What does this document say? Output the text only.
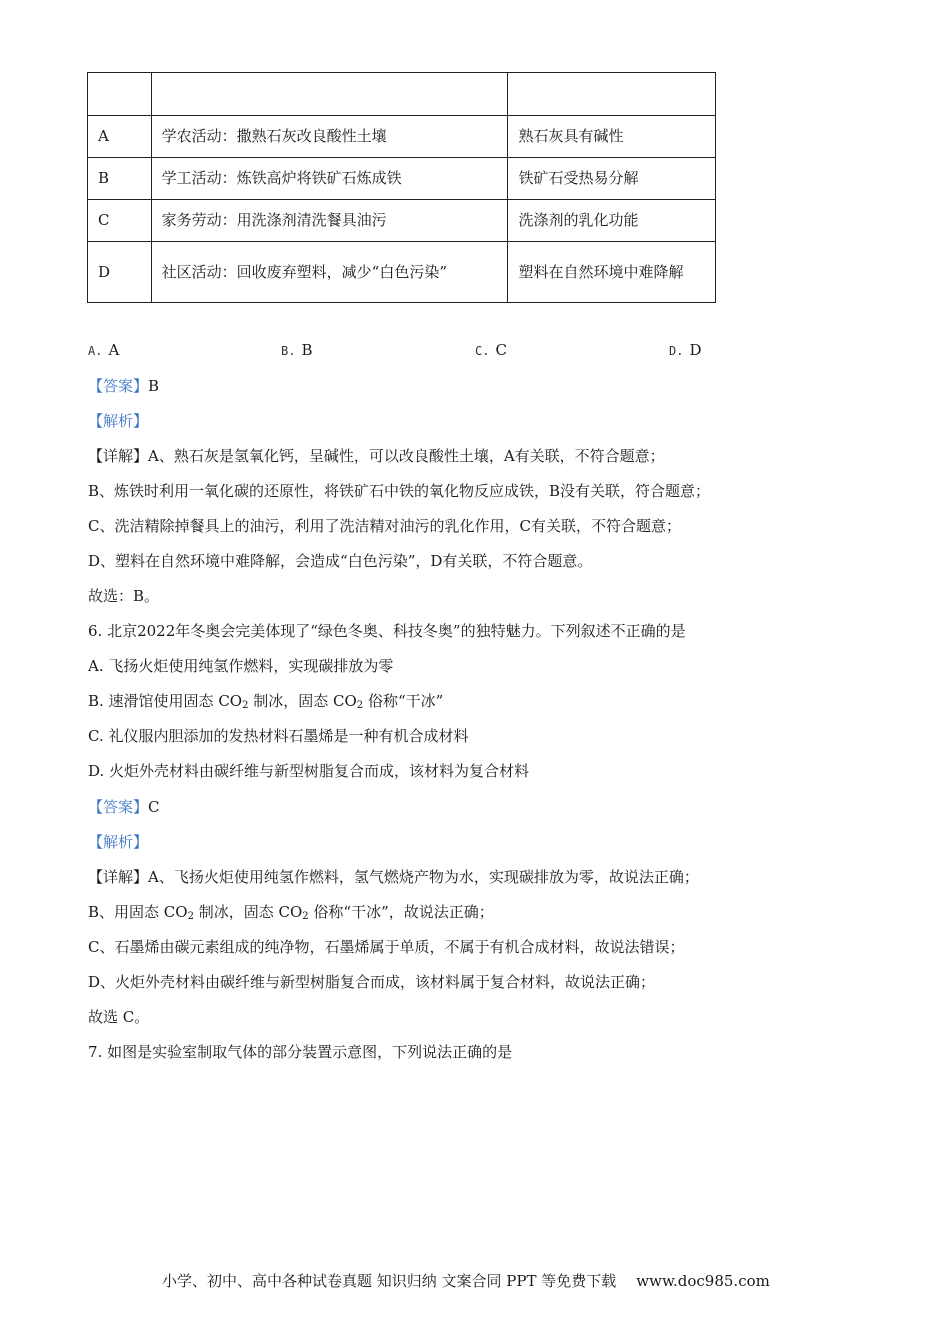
A	学农活动：撒熟石灰改良酸性土壤	熟石灰具有碱性
B	学工活动：炼铁高炉将铁矿石炼成铁	铁矿石受热易分解
C	家务劳动：用洗涤剂清洗餐具油污	洗涤剂的乳化功能
D	社区活动：回收废弃塑料，减少“白色污染”	塑料在自然环境中难降解
A. A	B. B	C. C	D. D
【答案】B
【解析】
【详解】A、熟石灰是氢氧化钙，呈碱性，可以改良酸性土壤，A有关联，不符合题意；
B、炼铁时利用一氧化碳的还原性，将铁矿石中铁的氧化物反应成铁，B没有关联，符合题意；
C、洗洁精除掉餐具上的油污，利用了洗洁精对油污的乳化作用，C有关联，不符合题意；
D、塑料在自然环境中难降解，会造成“白色污染”，D有关联，不符合题意。
故选：B。
6. 北京2022年冬奥会完美体现了“绿色冬奥、科技冬奥”的独特魅力。下列叙述不正确的是
A. 飞扬火炬使用纯氢作燃料，实现碳排放为零
B. 速滑馆使用固态 $CO_2$ 制冰，固态 $CO_2$ 俗称“干冰”
C. 礼仪服内胆添加的发热材料石墨烯是一种有机合成材料
D. 火炬外壳材料由碳纤维与新型树脂复合而成，该材料为复合材料
【答案】C
【解析】
【详解】A、飞扬火炬使用纯氢作燃料，氢气燃烧产物为水，实现碳排放为零，故说法正确；
B、用固态 $CO_2$ 制冰，固态 $CO_2$ 俗称“干冰”，故说法正确；
C、石墨烯由碳元素组成的纯净物，石墨烯属于单质，不属于有机合成材料，故说法错误；
D、火炬外壳材料由碳纤维与新型树脂复合而成，该材料属于复合材料，故说法正确；
故选 C。
7. 如图是实验室制取气体的部分装置示意图，下列说法正确的是
小学、初中、高中各种试卷真题 知识归纳 文案合同 PPT 等免费下载 www.doc985.com
